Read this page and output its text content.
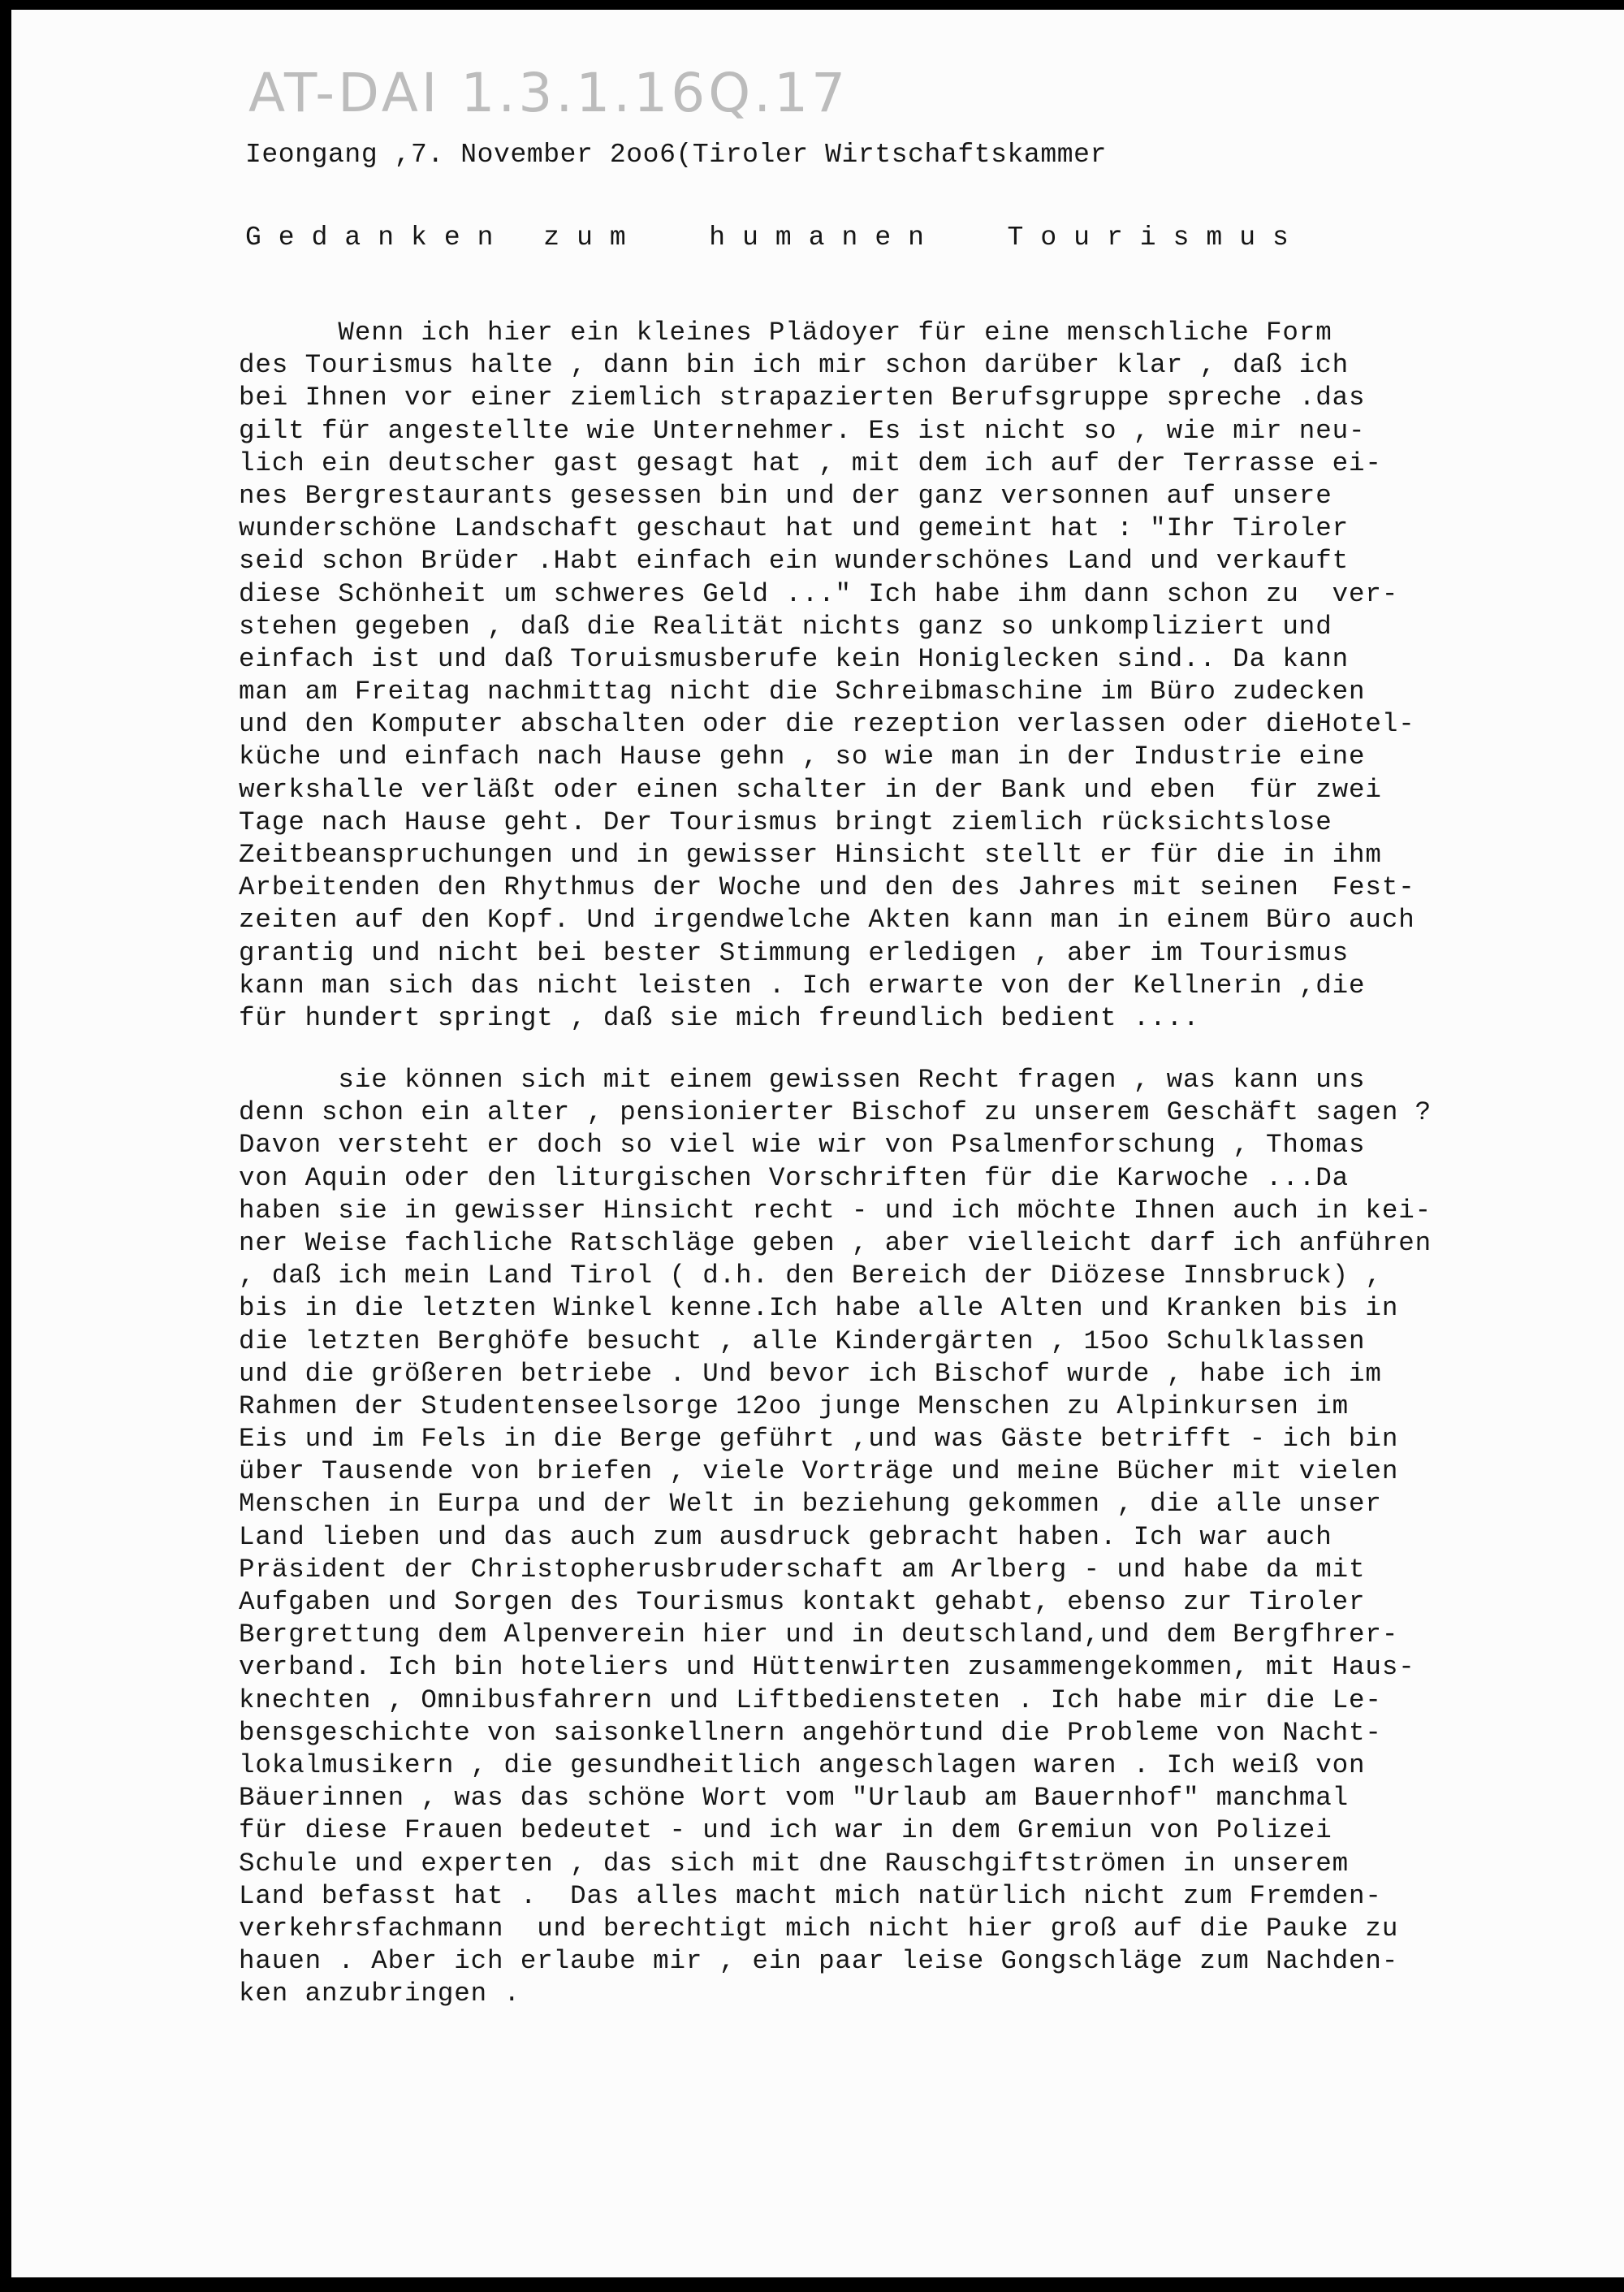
AT-DAI 1.3.1.16Q.17
Ieongang ,7. November 2oo6(Tiroler Wirtschaftskammer
G e d a n k e n   z u m     h u m a n e n     T o u r i s m u s
Wenn ich hier ein kleines Plädoyer für eine menschliche Form
des Tourismus halte , dann bin ich mir schon darüber klar , daß ich
bei Ihnen vor einer ziemlich strapazierten Berufsgruppe spreche .das
gilt für angestellte wie Unternehmer. Es ist nicht so , wie mir neu-
lich ein deutscher gast gesagt hat , mit dem ich auf der Terrasse ei-
nes Bergrestaurants gesessen bin und der ganz versonnen auf unsere
wunderschöne Landschaft geschaut hat und gemeint hat : "Ihr Tiroler
seid schon Brüder .Habt einfach ein wunderschönes Land und verkauft
diese Schönheit um schweres Geld ..." Ich habe ihm dann schon zu  ver-
stehen gegeben , daß die Realität nichts ganz so unkompliziert und
einfach ist und daß Toruismusberufe kein Honiglecken sind.. Da kann
man am Freitag nachmittag nicht die Schreibmaschine im Büro zudecken
und den Komputer abschalten oder die rezeption verlassen oder dieHotel-
küche und einfach nach Hause gehn , so wie man in der Industrie eine
werkshalle verläßt oder einen schalter in der Bank und eben  für zwei
Tage nach Hause geht. Der Tourismus bringt ziemlich rücksichtslose
Zeitbeanspruchungen und in gewisser Hinsicht stellt er für die in ihm
Arbeitenden den Rhythmus der Woche und den des Jahres mit seinen  Fest-
zeiten auf den Kopf. Und irgendwelche Akten kann man in einem Büro auch
grantig und nicht bei bester Stimmung erledigen , aber im Tourismus
kann man sich das nicht leisten . Ich erwarte von der Kellnerin ,die
für hundert springt , daß sie mich freundlich bedient ....
sie können sich mit einem gewissen Recht fragen , was kann uns
denn schon ein alter , pensionierter Bischof zu unserem Geschäft sagen ?
Davon versteht er doch so viel wie wir von Psalmenforschung , Thomas
von Aquin oder den liturgischen Vorschriften für die Karwoche ...Da
haben sie in gewisser Hinsicht recht - und ich möchte Ihnen auch in kei-
ner Weise fachliche Ratschläge geben , aber vielleicht darf ich anführen
, daß ich mein Land Tirol ( d.h. den Bereich der Diözese Innsbruck) ,
bis in die letzten Winkel kenne.Ich habe alle Alten und Kranken bis in
die letzten Berghöfe besucht , alle Kindergärten , 15oo Schulklassen
und die größeren betriebe . Und bevor ich Bischof wurde , habe ich im
Rahmen der Studentenseelsorge 12oo junge Menschen zu Alpinkursen im
Eis und im Fels in die Berge geführt ,und was Gäste betrifft - ich bin
über Tausende von briefen , viele Vorträge und meine Bücher mit vielen
Menschen in Eurpa und der Welt in beziehung gekommen , die alle unser
Land lieben und das auch zum ausdruck gebracht haben. Ich war auch
Präsident der Christopherusbruderschaft am Arlberg - und habe da mit
Aufgaben und Sorgen des Tourismus kontakt gehabt, ebenso zur Tiroler
Bergrettung dem Alpenverein hier und in deutschland,und dem Bergfhrer-
verband. Ich bin hoteliers und Hüttenwirten zusammengekommen, mit Haus-
knechten , Omnibusfahrern und Liftbediensteten . Ich habe mir die Le-
bensgeschichte von saisonkellnern angehörtund die Probleme von Nacht-
lokalmusikern , die gesundheitlich angeschlagen waren . Ich weiß von
Bäuerinnen , was das schöne Wort vom "Urlaub am Bauernhof" manchmal
für diese Frauen bedeutet - und ich war in dem Gremiun von Polizei
Schule und experten , das sich mit dne Rauschgiftströmen in unserem
Land befasst hat .  Das alles macht mich natürlich nicht zum Fremden-
verkehrsfachmann  und berechtigt mich nicht hier groß auf die Pauke zu
hauen . Aber ich erlaube mir , ein paar leise Gongschläge zum Nachden-
ken anzubringen .
